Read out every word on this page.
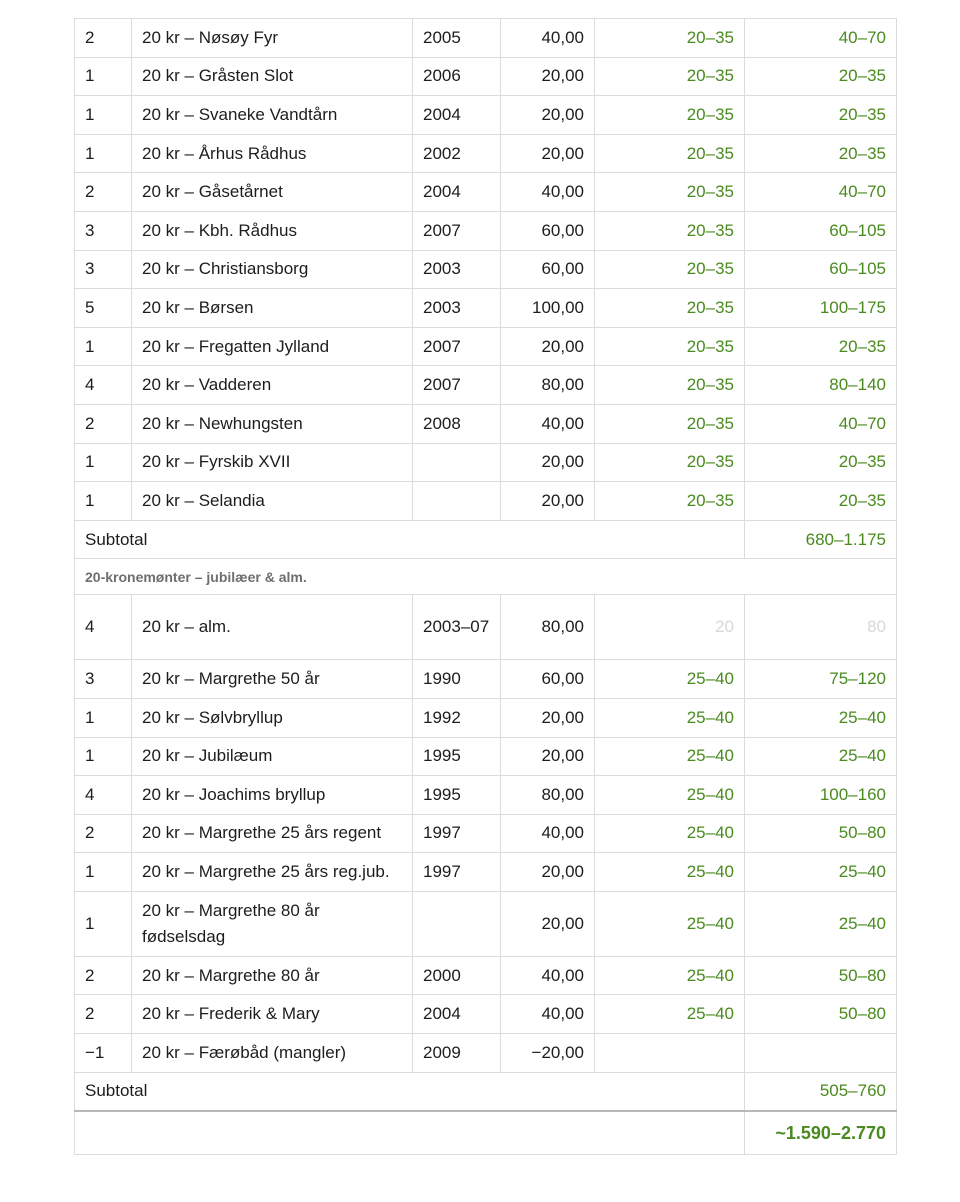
2	20 kr – Nøsøy Fyr	2005	40,00	20–35	40–70
1	20 kr – Gråsten Slot	2006	20,00	20–35	20–35
1	20 kr – Svaneke Vandtårn	2004	20,00	20–35	20–35
1	20 kr – Århus Rådhus	2002	20,00	20–35	20–35
2	20 kr – Gåsetårnet	2004	40,00	20–35	40–70
3	20 kr – Kbh. Rådhus	2007	60,00	20–35	60–105
3	20 kr – Christiansborg	2003	60,00	20–35	60–105
5	20 kr – Børsen	2003	100,00	20–35	100–175
1	20 kr – Fregatten Jylland	2007	20,00	20–35	20–35
4	20 kr – Vadderen	2007	80,00	20–35	80–140
2	20 kr – Newhungsten	2008	40,00	20–35	40–70
1	20 kr – Fyrskib XVII		20,00	20–35	20–35
1	20 kr – Selandia		20,00	20–35	20–35
Subtotal					680–1.175
20-kronemønter – jubilæer & alm.					
4	20 kr – alm.	2003–07	80,00	20	80
3	20 kr – Margrethe 50 år	1990	60,00	25–40	75–120
1	20 kr – Sølvbryllup	1992	20,00	25–40	25–40
1	20 kr – Jubilæum	1995	20,00	25–40	25–40
4	20 kr – Joachims bryllup	1995	80,00	25–40	100–160
2	20 kr – Margrethe 25 års regent	1997	40,00	25–40	50–80
1	20 kr – Margrethe 25 års reg.jub.	1997	20,00	25–40	25–40
1	20 kr – Margrethe 80 år fødselsdag		20,00	25–40	25–40
2	20 kr – Margrethe 80 år	2000	40,00	25–40	50–80
2	20 kr – Frederik & Mary	2004	40,00	25–40	50–80
−1	20 kr – Færøbåd (mangler)	2009	−20,00		
Subtotal					505–760
					~1.590–2.770
